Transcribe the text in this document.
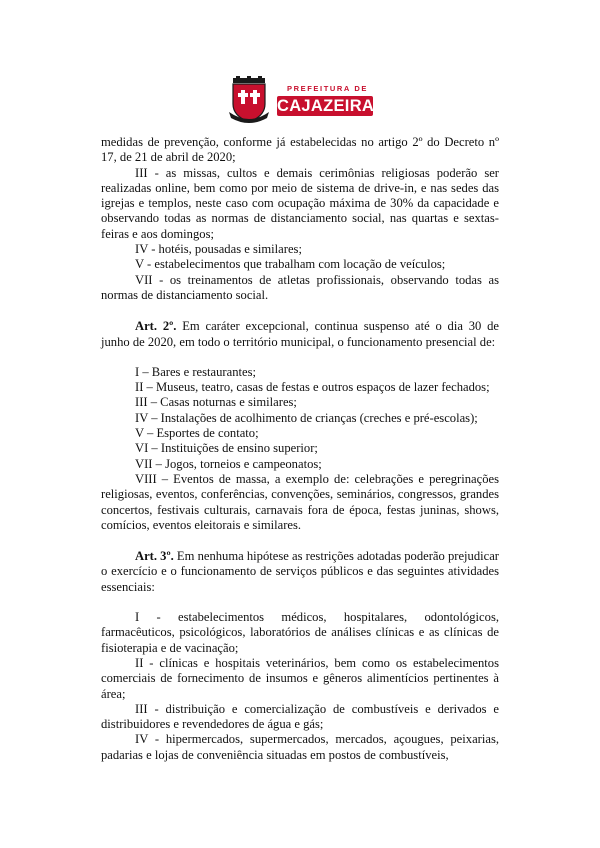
PREFEITURA DE
CAJAZEIRAS

medidas de prevenção, conforme já estabelecidas no artigo 2º do Decreto nº 17, de 21 de abril de 2020;

III - as missas, cultos e demais cerimônias religiosas poderão ser realizadas online, bem como por meio de sistema de drive-in, e nas sedes das igrejas e templos, neste caso com ocupação máxima de 30% da capacidade e observando todas as normas de distanciamento social, nas quartas e sextas-feiras e aos domingos;

IV - hotéis, pousadas e similares;

V - estabelecimentos que trabalham com locação de veículos;

VII - os treinamentos de atletas profissionais, observando todas as normas de distanciamento social.

Art. 2º. Em caráter excepcional, continua suspenso até o dia 30 de junho de 2020, em todo o território municipal, o funcionamento presencial de:

I – Bares e restaurantes;

II – Museus, teatro, casas de festas e outros espaços de lazer fechados;

III – Casas noturnas e similares;

IV – Instalações de acolhimento de crianças (creches e pré-escolas);

V – Esportes de contato;

VI – Instituições de ensino superior;

VII – Jogos, torneios e campeonatos;

VIII – Eventos de massa, a exemplo de: celebrações e peregrinações religiosas, eventos, conferências, convenções, seminários, congressos, grandes concertos, festivais culturais, carnavais fora de época, festas juninas, shows, comícios, eventos eleitorais e similares.

Art. 3º. Em nenhuma hipótese as restrições adotadas poderão prejudicar o exercício e o funcionamento de serviços públicos e das seguintes atividades essenciais:

I - estabelecimentos médicos, hospitalares, odontológicos, farmacêuticos, psicológicos, laboratórios de análises clínicas e as clínicas de fisioterapia e de vacinação;

II - clínicas e hospitais veterinários, bem como os estabelecimentos comerciais de fornecimento de insumos e gêneros alimentícios pertinentes à área;

III - distribuição e comercialização de combustíveis e derivados e distribuidores e revendedores de água e gás;

IV - hipermercados, supermercados, mercados, açougues, peixarias, padarias e lojas de conveniência situadas em postos de combustíveis,
